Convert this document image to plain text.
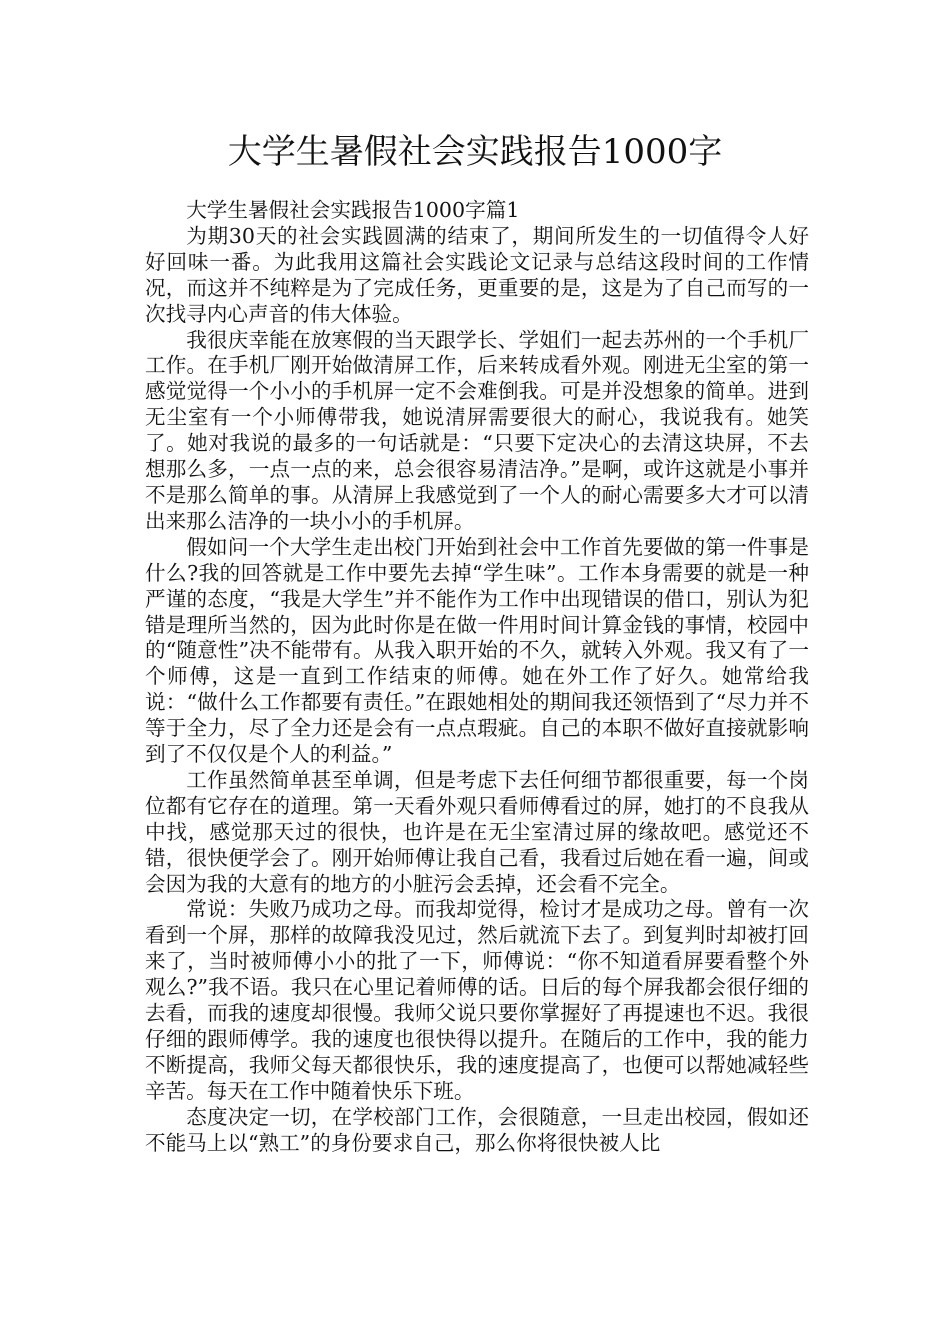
大学生暑假社会实践报告1000字

大学生暑假社会实践报告1000字篇1

为期30天的社会实践圆满的结束了，期间所发生的一切值得令人好好回味一番。为此我用这篇社会实践论文记录与总结这段时间的工作情况，而这并不纯粹是为了完成任务，更重要的是，这是为了自己而写的一次找寻内心声音的伟大体验。

我很庆幸能在放寒假的当天跟学长、学姐们一起去苏州的一个手机厂工作。在手机厂刚开始做清屏工作，后来转成看外观。刚进无尘室的第一感觉觉得一个小小的手机屏一定不会难倒我。可是并没想象的简单。进到无尘室有一个小师傅带我，她说清屏需要很大的耐心，我说我有。她笑了。她对我说的最多的一句话就是：“只要下定决心的去清这块屏，不去想那么多，一点一点的来，总会很容易清洁净。”是啊，或许这就是小事并不是那么简单的事。从清屏上我感觉到了一个人的耐心需要多大才可以清出来那么洁净的一块小小的手机屏。

假如问一个大学生走出校门开始到社会中工作首先要做的第一件事是什么?我的回答就是工作中要先去掉“学生味”。工作本身需要的就是一种严谨的态度，“我是大学生”并不能作为工作中出现错误的借口，别认为犯错是理所当然的，因为此时你是在做一件用时间计算金钱的事情，校园中的“随意性”决不能带有。从我入职开始的不久，就转入外观。我又有了一个师傅，这是一直到工作结束的师傅。她在外工作了好久。她常给我说：“做什么工作都要有责任。”在跟她相处的期间我还领悟到了“尽力并不等于全力，尽了全力还是会有一点点瑕疵。自己的本职不做好直接就影响到了不仅仅是个人的利益。”

工作虽然简单甚至单调，但是考虑下去任何细节都很重要，每一个岗位都有它存在的道理。第一天看外观只看师傅看过的屏，她打的不良我从中找，感觉那天过的很快，也许是在无尘室清过屏的缘故吧。感觉还不错，很快便学会了。刚开始师傅让我自己看，我看过后她在看一遍，间或会因为我的大意有的地方的小脏污会丢掉，还会看不完全。

常说：失败乃成功之母。而我却觉得，检讨才是成功之母。曾有一次看到一个屏，那样的故障我没见过，然后就流下去了。到复判时却被打回来了，当时被师傅小小的批了一下，师傅说：“你不知道看屏要看整个外观么?”我不语。我只在心里记着师傅的话。日后的每个屏我都会很仔细的去看，而我的速度却很慢。我师父说只要你掌握好了再提速也不迟。我很仔细的跟师傅学。我的速度也很快得以提升。在随后的工作中，我的能力不断提高，我师父每天都很快乐，我的速度提高了，也便可以帮她减轻些辛苦。每天在工作中随着快乐下班。

态度决定一切，在学校部门工作，会很随意，一旦走出校园，假如还不能马上以“熟工”的身份要求自己，那么你将很快被人比
